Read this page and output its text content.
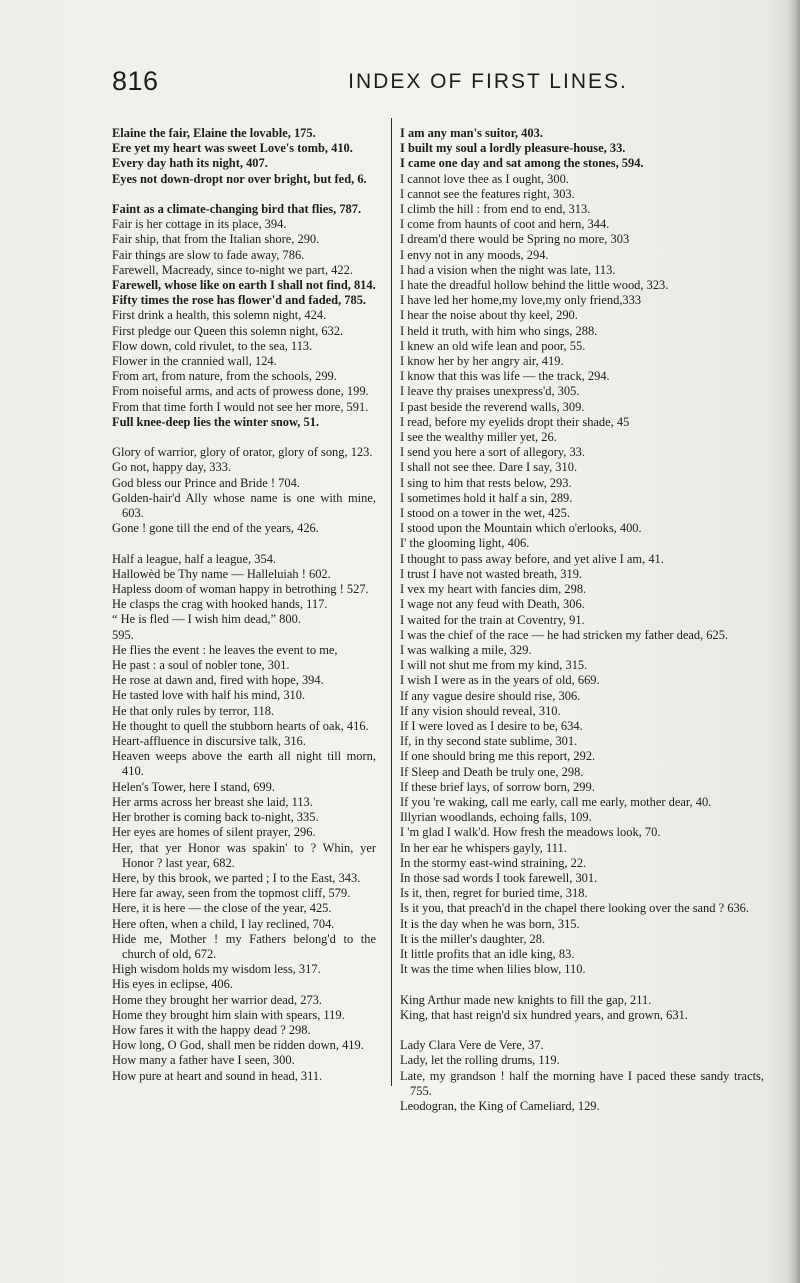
816	INDEX OF FIRST LINES.
Elaine the fair, Elaine the lovable, 175.
Ere yet my heart was sweet Love's tomb, 410.
Every day hath its night, 407.
Eyes not down-dropt nor over bright, but fed, 6.
Faint as a climate-changing bird that flies, 787.
Fair is her cottage in its place, 394.
Fair ship, that from the Italian shore, 290.
Fair things are slow to fade away, 786.
Farewell, Macready, since to-night we part, 422.
Farewell, whose like on earth I shall not find, 814.
Fifty times the rose has flower'd and faded, 785.
First drink a health, this solemn night, 424.
First pledge our Queen this solemn night, 632.
Flow down, cold rivulet, to the sea, 113.
Flower in the crannied wall, 124.
From art, from nature, from the schools, 299.
From noiseful arms, and acts of prowess done, 199.
From that time forth I would not see her more, 591.
Full knee-deep lies the winter snow, 51.
Glory of warrior, glory of orator, glory of song, 123.
Go not, happy day, 333.
God bless our Prince and Bride ! 704.
Golden-hair'd Ally whose name is one with mine, 603.
Gone ! gone till the end of the years, 426.
Half a league, half a league, 354.
Hallowèd be Thy name — Halleluiah ! 602.
Hapless doom of woman happy in betrothing ! 527.
He clasps the crag with hooked hands, 117.
“ He is fled — I wish him dead,” 800.
595.
He flies the event : he leaves the event to me,
He past : a soul of nobler tone, 301.
He rose at dawn and, fired with hope, 394.
He tasted love with half his mind, 310.
He that only rules by terror, 118.
He thought to quell the stubborn hearts of oak, 416.
Heart-affluence in discursive talk, 316.
Heaven weeps above the earth all night till morn, 410.
Helen's Tower, here I stand, 699.
Her arms across her breast she laid, 113.
Her brother is coming back to-night, 335.
Her eyes are homes of silent prayer, 296.
Her, that yer Honor was spakin' to ? Whin, yer Honor ? last year, 682.
Here, by this brook, we parted ; I to the East, 343.
Here far away, seen from the topmost cliff, 579.
Here, it is here — the close of the year, 425.
Here often, when a child, I lay reclined, 704.
Hide me, Mother ! my Fathers belong'd to the church of old, 672.
High wisdom holds my wisdom less, 317.
His eyes in eclipse, 406.
Home they brought her warrior dead, 273.
Home they brought him slain with spears, 119.
How fares it with the happy dead ? 298.
How long, O God, shall men be ridden down, 419.
How many a father have I seen, 300.
How pure at heart and sound in head, 311.
I am any man's suitor, 403.
I built my soul a lordly pleasure-house, 33.
I came one day and sat among the stones, 594.
I cannot love thee as I ought, 300.
I cannot see the features right, 303.
I climb the hill : from end to end, 313.
I come from haunts of coot and hern, 344.
I dream'd there would be Spring no more, 303
I envy not in any moods, 294.
I had a vision when the night was late, 113.
I hate the dreadful hollow behind the little wood, 323.
I have led her home,my love,my only friend,333
I hear the noise about thy keel, 290.
I held it truth, with him who sings, 288.
I knew an old wife lean and poor, 55.
I know her by her angry air, 419.
I know that this was life — the track, 294.
I leave thy praises unexpress'd, 305.
I past beside the reverend walls, 309.
I read, before my eyelids dropt their shade, 45
I see the wealthy miller yet, 26.
I send you here a sort of allegory, 33.
I shall not see thee. Dare I say, 310.
I sing to him that rests below, 293.
I sometimes hold it half a sin, 289.
I stood on a tower in the wet, 425.
I stood upon the Mountain which o'erlooks, 400.
I' the glooming light, 406.
I thought to pass away before, and yet alive I am, 41.
I trust I have not wasted breath, 319.
I vex my heart with fancies dim, 298.
I wage not any feud with Death, 306.
I waited for the train at Coventry, 91.
I was the chief of the race — he had stricken my father dead, 625.
I was walking a mile, 329.
I will not shut me from my kind, 315.
I wish I were as in the years of old, 669.
If any vague desire should rise, 306.
If any vision should reveal, 310.
If I were loved as I desire to be, 634.
If, in thy second state sublime, 301.
If one should bring me this report, 292.
If Sleep and Death be truly one, 298.
If these brief lays, of sorrow born, 299.
If you 're waking, call me early, call me early, mother dear, 40.
Illyrian woodlands, echoing falls, 109.
I 'm glad I walk'd. How fresh the meadows look, 70.
In her ear he whispers gayly, 111.
In the stormy east-wind straining, 22.
In those sad words I took farewell, 301.
Is it, then, regret for buried time, 318.
Is it you, that preach'd in the chapel there looking over the sand ? 636.
It is the day when he was born, 315.
It is the miller's daughter, 28.
It little profits that an idle king, 83.
It was the time when lilies blow, 110.
King Arthur made new knights to fill the gap, 211.
King, that hast reign'd six hundred years, and grown, 631.
Lady Clara Vere de Vere, 37.
Lady, let the rolling drums, 119.
Late, my grandson ! half the morning have I paced these sandy tracts, 755.
Leodogran, the King of Cameliard, 129.
